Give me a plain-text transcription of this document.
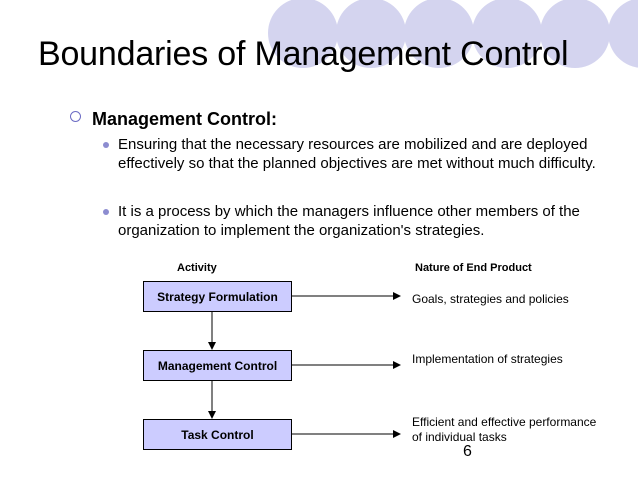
Boundaries of Management Control
Management Control:
Ensuring that the necessary resources are mobilized and are deployed effectively so that the planned objectives are met without much difficulty.
It is a process by which the managers influence other members of the organization to implement the organization's strategies.
Activity	Nature of End Product
Strategy Formulation
Management Control
Task Control
Goals, strategies and policies
Implementation of strategies
Efficient and effective performance of individual tasks
6
